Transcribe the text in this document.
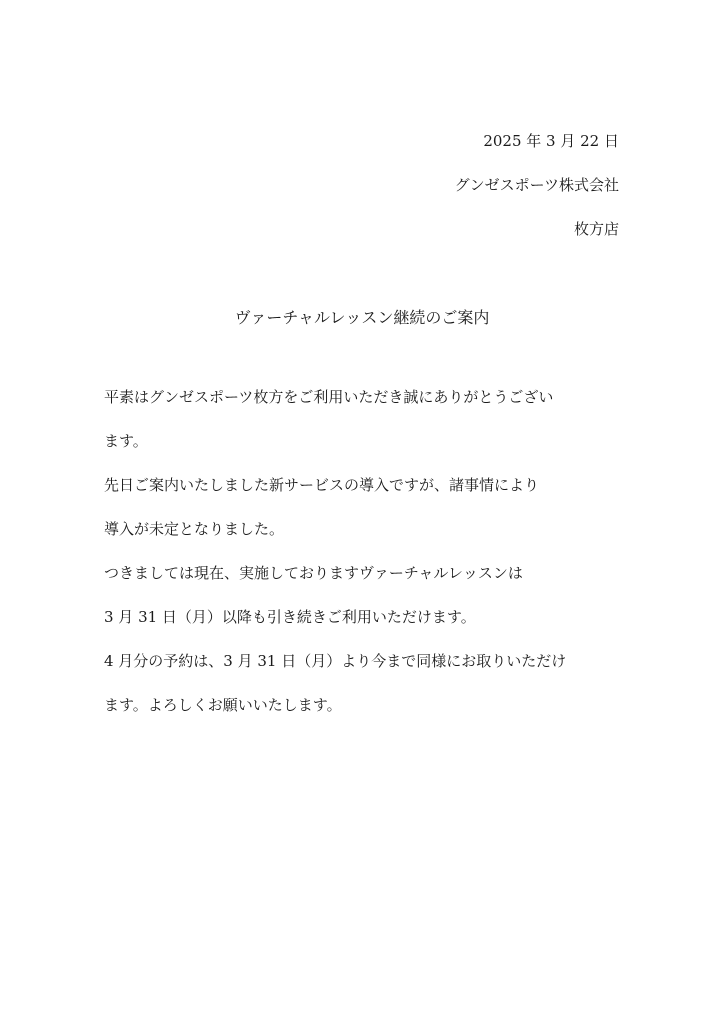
2025 年 3 月 22 日
グンゼスポーツ株式会社
枚方店
ヴァーチャルレッスン継続のご案内
平素はグンゼスポーツ枚方をご利用いただき誠にありがとうござい
ます。
先日ご案内いたしました新サービスの導入ですが、諸事情により
導入が未定となりました。
つきましては現在、実施しておりますヴァーチャルレッスンは
3 月 31 日（月）以降も引き続きご利用いただけます。
4 月分の予約は、3 月 31 日（月）より今まで同様にお取りいただけ
ます。よろしくお願いいたします。
